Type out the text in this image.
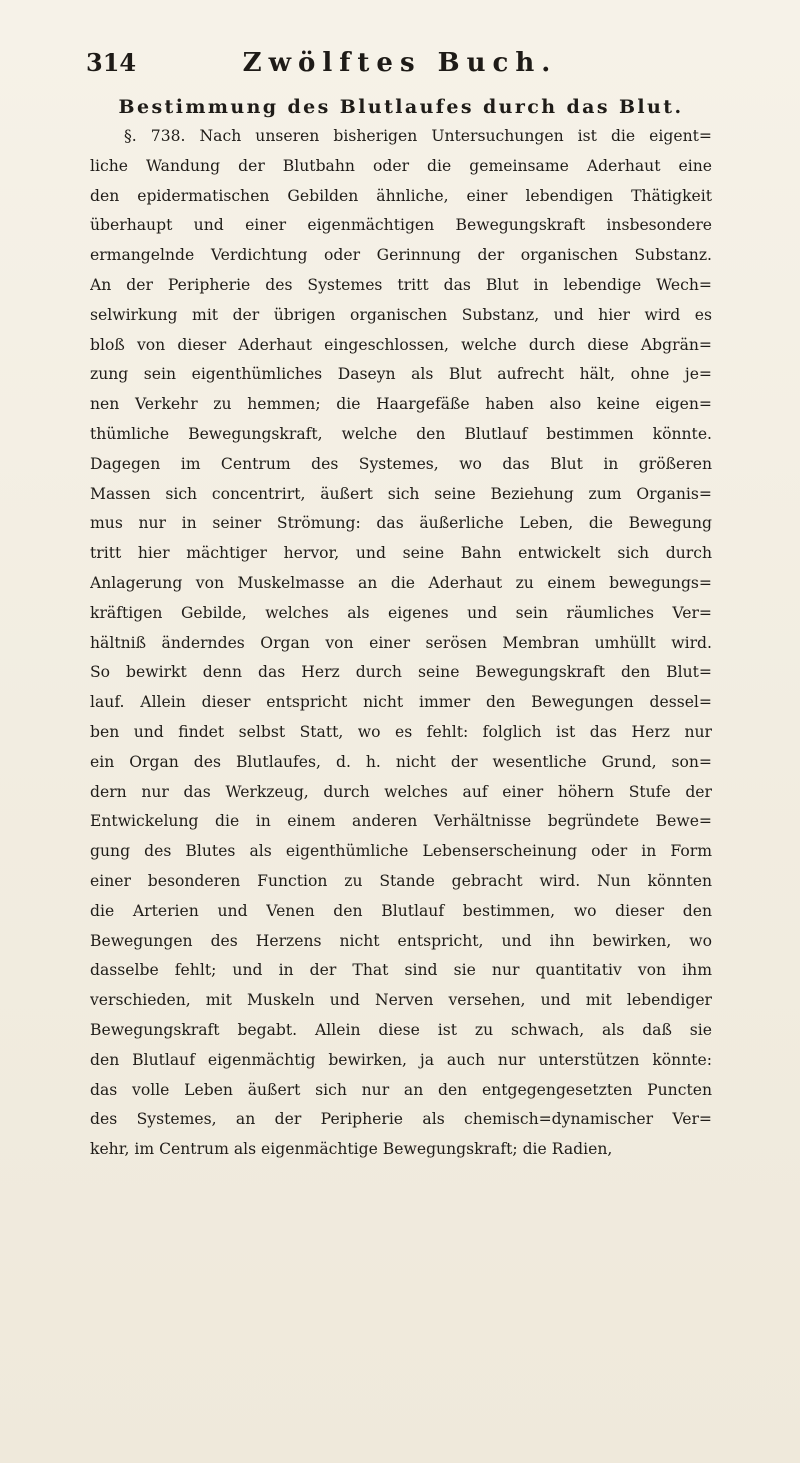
314	Zwölftes Buch.
Bestimmung des Blutlaufes durch das Blut.
§. 738. Nach unseren bisherigen Untersuchungen ist die eigent=
liche Wandung der Blutbahn oder die gemeinsame Aderhaut eine
den epidermatischen Gebilden ähnliche, einer lebendigen Thätigkeit
überhaupt und einer eigenmächtigen Bewegungskraft insbesondere
ermangelnde Verdichtung oder Gerinnung der organischen Substanz.
An der Peripherie des Systemes tritt das Blut in lebendige Wech=
selwirkung mit der übrigen organischen Substanz, und hier wird es
bloß von dieser Aderhaut eingeschlossen, welche durch diese Abgrän=
zung sein eigenthümliches Daseyn als Blut aufrecht hält, ohne je=
nen Verkehr zu hemmen; die Haargefäße haben also keine eigen=
thümliche Bewegungskraft, welche den Blutlauf bestimmen könnte.
Dagegen im Centrum des Systemes, wo das Blut in größeren
Massen sich concentrirt, äußert sich seine Beziehung zum Organis=
mus nur in seiner Strömung: das äußerliche Leben, die Bewegung
tritt hier mächtiger hervor, und seine Bahn entwickelt sich durch
Anlagerung von Muskelmasse an die Aderhaut zu einem bewegungs=
kräftigen Gebilde, welches als eigenes und sein räumliches Ver=
hältniß änderndes Organ von einer serösen Membran umhüllt wird.
So bewirkt denn das Herz durch seine Bewegungskraft den Blut=
lauf. Allein dieser entspricht nicht immer den Bewegungen dessel=
ben und findet selbst Statt, wo es fehlt: folglich ist das Herz nur
ein Organ des Blutlaufes, d. h. nicht der wesentliche Grund, son=
dern nur das Werkzeug, durch welches auf einer höhern Stufe der
Entwickelung die in einem anderen Verhältnisse begründete Bewe=
gung des Blutes als eigenthümliche Lebenserscheinung oder in Form
einer besonderen Function zu Stande gebracht wird. Nun könnten
die Arterien und Venen den Blutlauf bestimmen, wo dieser den
Bewegungen des Herzens nicht entspricht, und ihn bewirken, wo
dasselbe fehlt; und in der That sind sie nur quantitativ von ihm
verschieden, mit Muskeln und Nerven versehen, und mit lebendiger
Bewegungskraft begabt. Allein diese ist zu schwach, als daß sie
den Blutlauf eigenmächtig bewirken, ja auch nur unterstützen könnte:
das volle Leben äußert sich nur an den entgegengesetzten Puncten
des Systemes, an der Peripherie als chemisch=dynamischer Ver=
kehr, im Centrum als eigenmächtige Bewegungskraft; die Radien,
